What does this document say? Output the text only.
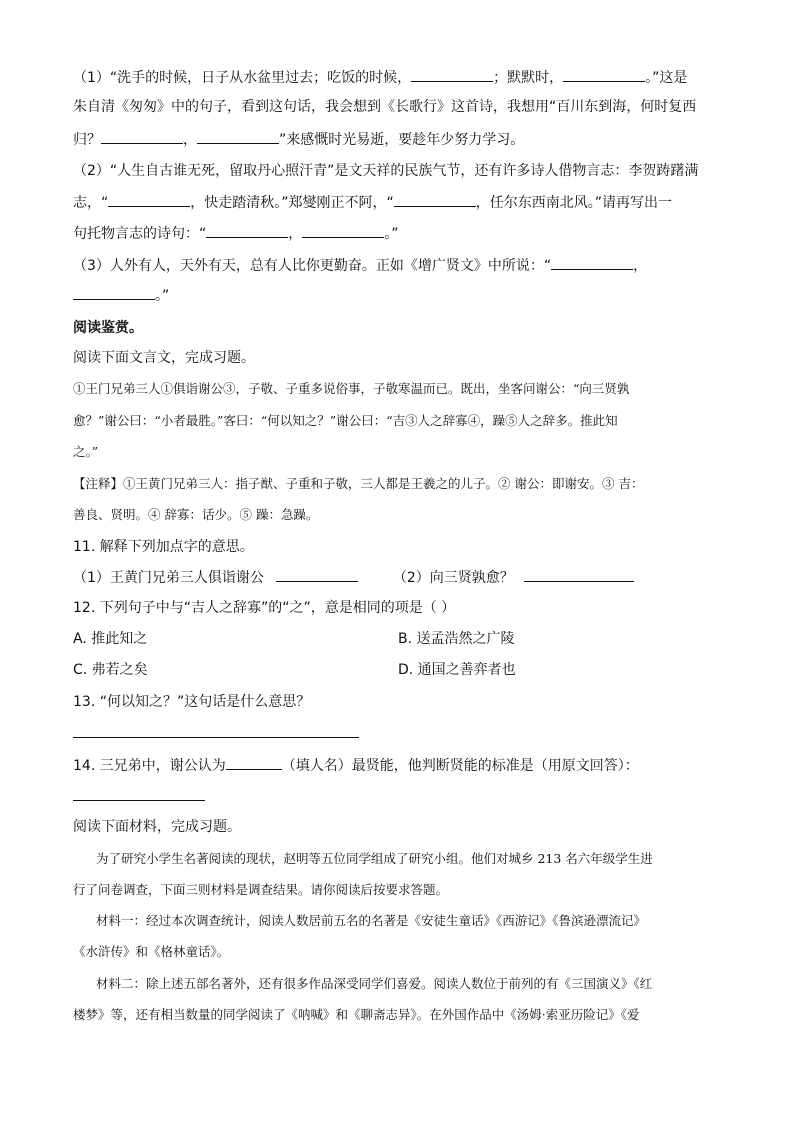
（1）“洗手的时候，日子从水盆里过去；吃饭的时候，	；默默时，	。”这是
朱自清《匆匆》中的句子，看到这句话，我会想到《长歌行》这首诗，我想用“百川东到海，何时复西
归？	，	”来感慨时光易逝，要趁年少努力学习。
（2）“人生自古谁无死，留取丹心照汗青”是文天祥的民族气节，还有许多诗人借物言志：李贺踌躇满
志，“	，快走踏清秋。”郑燮刚正不阿，“	，任尔东西南北风。”请再写出一
句托物言志的诗句：“	，	。”
（3）人外有人，天外有天，总有人比你更勤奋。正如《增广贤文》中所说：“	，
。”
阅读鉴赏。
阅读下面文言文，完成习题。
①王门兄弟三人①俱诣谢公③，子敬、子重多说俗事，子敬寒温而已。既出，坐客问谢公：“向三贤孰
愈？”谢公曰：“小者最胜。”客曰：“何以知之？”谢公曰：“吉③人之辞寡④，躁⑤人之辞多。推此知
之。”
【注释】①王黄门兄弟三人：指子猷、子重和子敬，三人都是王羲之的儿子。② 谢公：即谢安。③ 吉：
善良、贤明。④ 辞寡：话少。⑤ 躁：急躁。
11. 解释下列加点字的意思。
（1）王黄门兄弟三人俱诣谢公	（2）向三贤孰愈？
12. 下列句子中与“吉人之辞寡”的“之”，意是相同的项是（ ）
A. 推此知之	B. 送孟浩然之广陵
C. 弗若之矣	D. 通国之善弈者也
13. “何以知之？”这句话是什么意思？
14. 三兄弟中，谢公认为	（填人名）最贤能，他判断贤能的标准是（用原文回答）：
阅读下面材料，完成习题。
为了研究小学生名著阅读的现状，赵明等五位同学组成了研究小组。他们对城乡 213 名六年级学生进
行了问卷调查，下面三则材料是调查结果。请你阅读后按要求答题。
材料一：经过本次调查统计，阅读人数居前五名的名著是《安徒生童话》《西游记》《鲁滨逊漂流记》
《水浒传》和《格林童话》。
材料二：除上述五部名著外，还有很多作品深受同学们喜爱。阅读人数位于前列的有《三国演义》《红
楼梦》等，还有相当数量的同学阅读了《呐喊》和《聊斋志异》。在外国作品中《汤姆·索亚历险记》《爱
